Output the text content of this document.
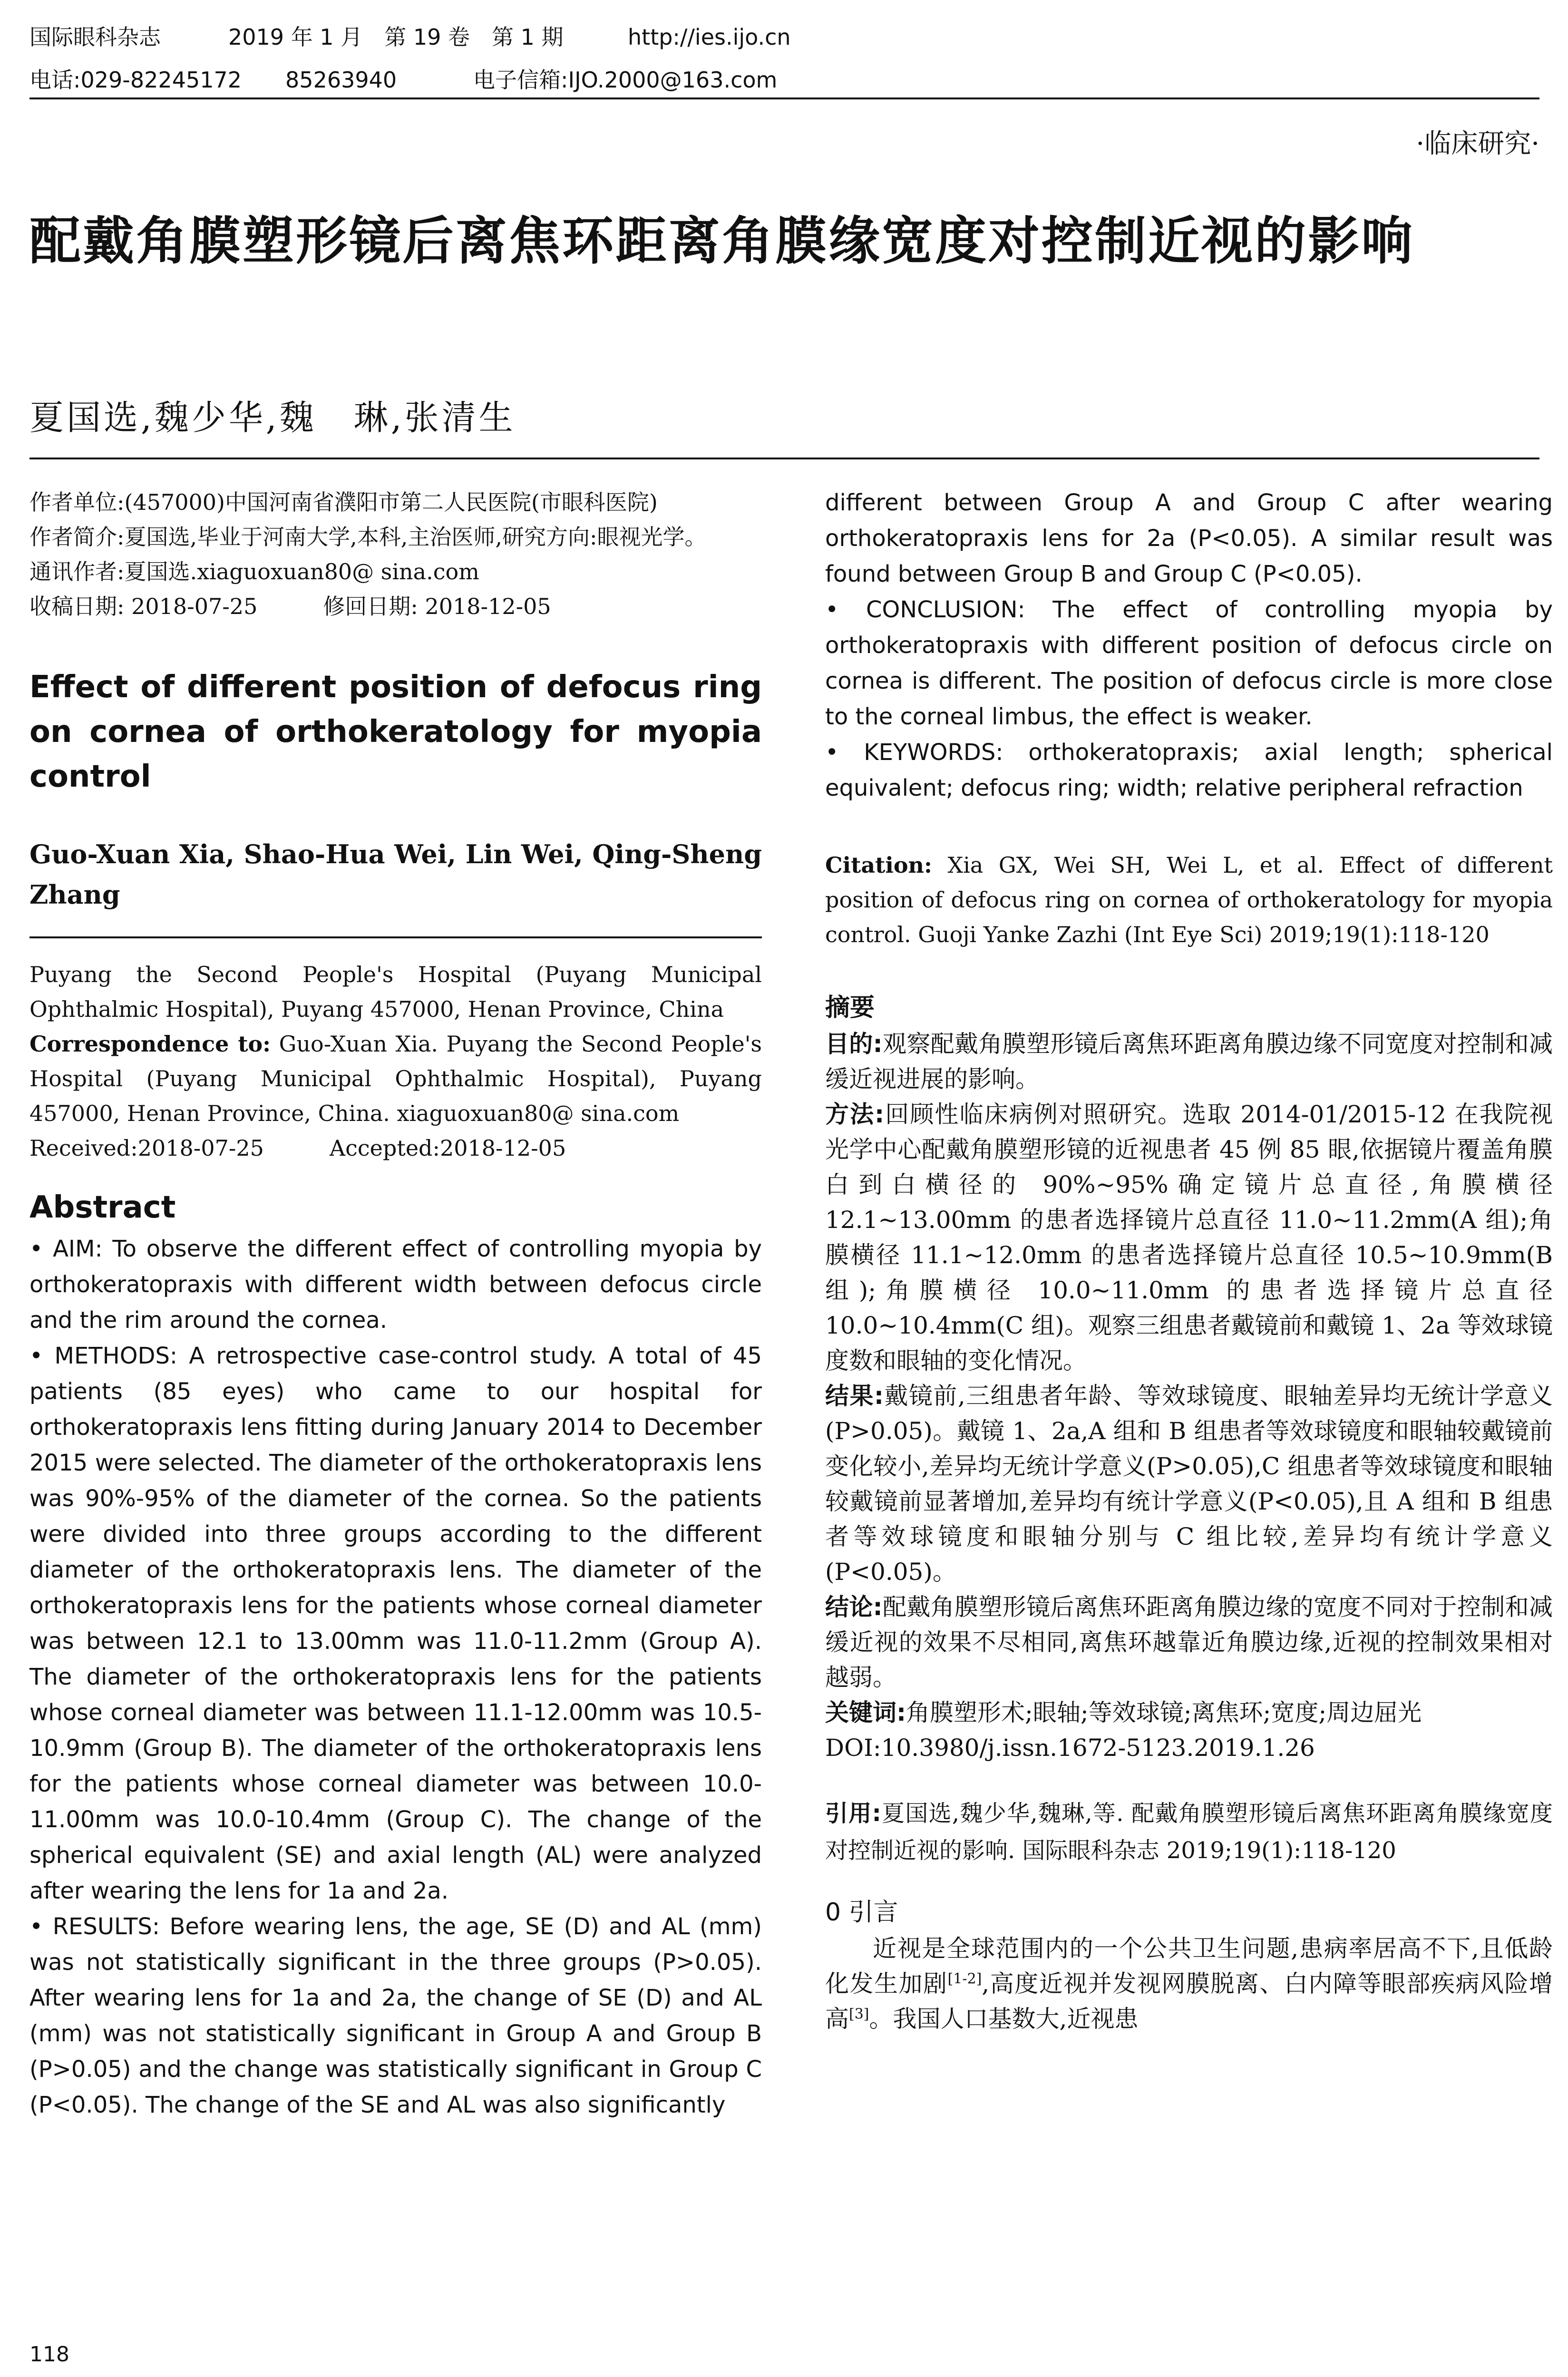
国际眼科杂志	2019 年 1 月　第 19 卷　第 1 期	http://ies.ijo.cn
电话:029-82245172　　85263940	电子信箱:IJO.2000@163.com
·临床研究·
配戴角膜塑形镜后离焦环距离角膜缘宽度对控制近视的影响
夏国选,魏少华,魏　琳,张清生

作者单位:(457000)中国河南省濮阳市第二人民医院(市眼科医院)

作者简介:夏国选,毕业于河南大学,本科,主治医师,研究方向:眼视光学。

通讯作者:夏国选.xiaguoxuan80@ sina.com

收稿日期: 2018-07-25　　　修回日期: 2018-12-05

Effect of different position of defocus ring on cornea of orthokeratology for myopia control

Guo-Xuan Xia, Shao-Hua Wei, Lin Wei, Qing-Sheng Zhang

Puyang the Second People's Hospital (Puyang Municipal Ophthalmic Hospital), Puyang 457000, Henan Province, China

Correspondence to: Guo-Xuan Xia. Puyang the Second People's Hospital (Puyang Municipal Ophthalmic Hospital), Puyang 457000, Henan Province, China. xiaguoxuan80@ sina.com

Received:2018-07-25　　　Accepted:2018-12-05

Abstract

• AIM: To observe the different effect of controlling myopia by orthokeratopraxis with different width between defocus circle and the rim around the cornea.

• METHODS: A retrospective case-control study. A total of 45 patients (85 eyes) who came to our hospital for orthokeratopraxis lens fitting during January 2014 to December 2015 were selected. The diameter of the orthokeratopraxis lens was 90%-95% of the diameter of the cornea. So the patients were divided into three groups according to the different diameter of the orthokeratopraxis lens. The diameter of the orthokeratopraxis lens for the patients whose corneal diameter was between 12.1 to 13.00mm was 11.0-11.2mm (Group A). The diameter of the orthokeratopraxis lens for the patients whose corneal diameter was between 11.1-12.00mm was 10.5-10.9mm (Group B). The diameter of the orthokeratopraxis lens for the patients whose corneal diameter was between 10.0-11.00mm was 10.0-10.4mm (Group C). The change of the spherical equivalent (SE) and axial length (AL) were analyzed after wearing the lens for 1a and 2a.

• RESULTS: Before wearing lens, the age, SE (D) and AL (mm) was not statistically significant in the three groups (P>0.05). After wearing lens for 1a and 2a, the change of SE (D) and AL (mm) was not statistically significant in Group A and Group B (P>0.05) and the change was statistically significant in Group C (P<0.05). The change of the SE and AL was also significantly

118

different between Group A and Group C after wearing orthokeratopraxis lens for 2a (P<0.05). A similar result was found between Group B and Group C (P<0.05).

• CONCLUSION: The effect of controlling myopia by orthokeratopraxis with different position of defocus circle on cornea is different. The position of defocus circle is more close to the corneal limbus, the effect is weaker.

• KEYWORDS: orthokeratopraxis; axial length; spherical equivalent; defocus ring; width; relative peripheral refraction

Citation: Xia GX, Wei SH, Wei L, et al. Effect of different position of defocus ring on cornea of orthokeratology for myopia control. Guoji Yanke Zazhi (Int Eye Sci) 2019;19(1):118-120

摘要

目的:观察配戴角膜塑形镜后离焦环距离角膜边缘不同宽度对控制和减缓近视进展的影响。

方法:回顾性临床病例对照研究。选取 2014-01/2015-12 在我院视光学中心配戴角膜塑形镜的近视患者 45 例 85 眼,依据镜片覆盖角膜白到白横径的 90%~95%确定镜片总直径,角膜横径 12.1~13.00mm 的患者选择镜片总直径 11.0~11.2mm(A 组);角膜横径 11.1~12.0mm 的患者选择镜片总直径 10.5~10.9mm(B 组);角膜横径 10.0~11.0mm 的患者选择镜片总直径 10.0~10.4mm(C 组)。观察三组患者戴镜前和戴镜 1、2a 等效球镜度数和眼轴的变化情况。

结果:戴镜前,三组患者年龄、等效球镜度、眼轴差异均无统计学意义(P>0.05)。戴镜 1、2a,A 组和 B 组患者等效球镜度和眼轴较戴镜前变化较小,差异均无统计学意义(P>0.05),C 组患者等效球镜度和眼轴较戴镜前显著增加,差异均有统计学意义(P<0.05),且 A 组和 B 组患者等效球镜度和眼轴分别与 C 组比较,差异均有统计学意义(P<0.05)。

结论:配戴角膜塑形镜后离焦环距离角膜边缘的宽度不同对于控制和减缓近视的效果不尽相同,离焦环越靠近角膜边缘,近视的控制效果相对越弱。

关键词:角膜塑形术;眼轴;等效球镜;离焦环;宽度;周边屈光

DOI:10.3980/j.issn.1672-5123.2019.1.26

引用:夏国选,魏少华,魏琳,等. 配戴角膜塑形镜后离焦环距离角膜缘宽度对控制近视的影响. 国际眼科杂志 2019;19(1):118-120

0 引言

近视是全球范围内的一个公共卫生问题,患病率居高不下,且低龄化发生加剧[1-2],高度近视并发视网膜脱离、白内障等眼部疾病风险增高[3]。我国人口基数大,近视患
